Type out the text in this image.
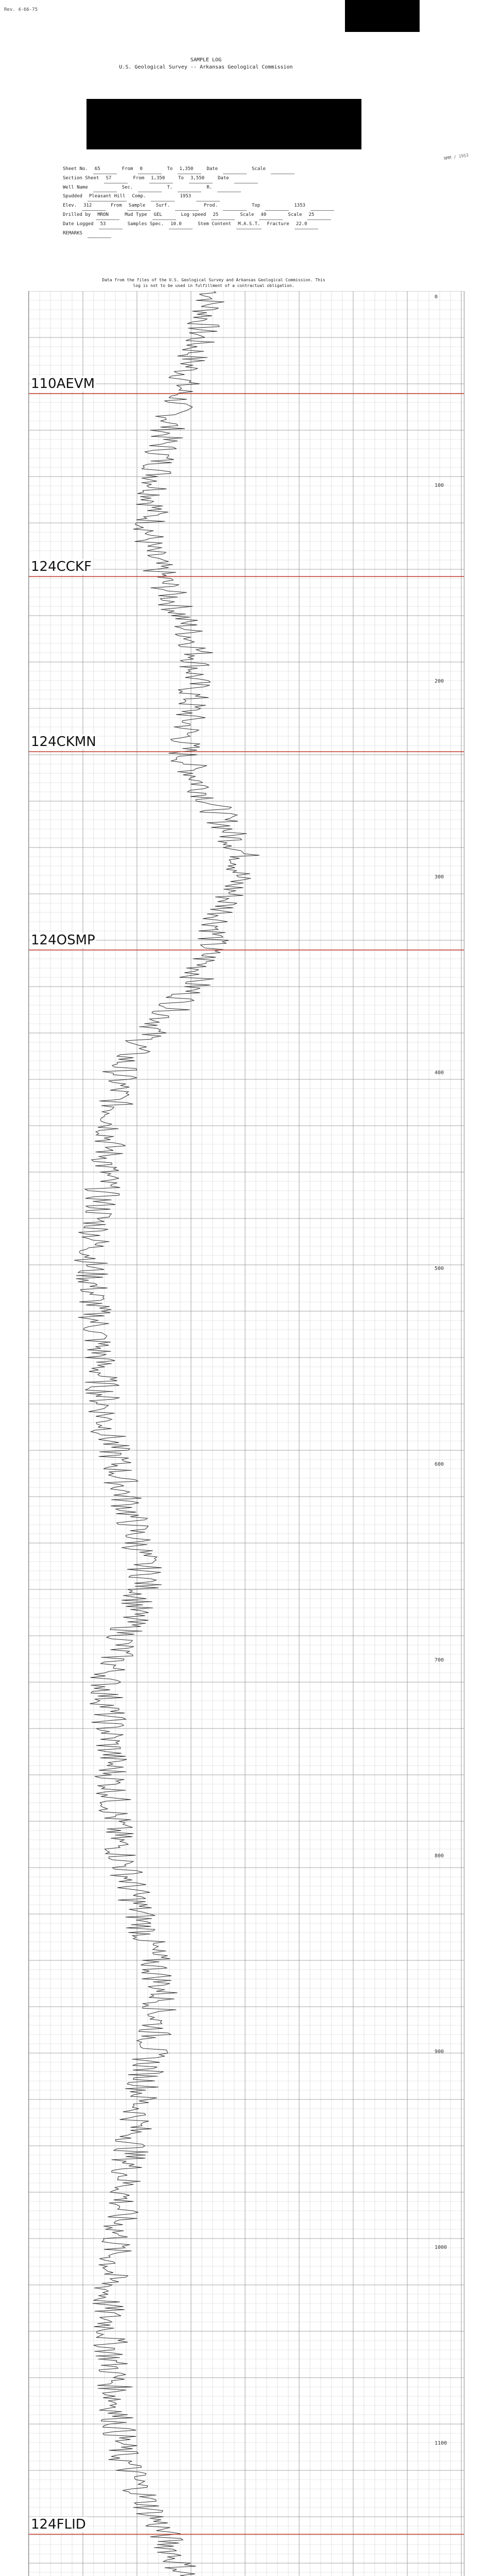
Rev. 4-66-75
SAMPLE LOG
U.S. Geological Survey -- Arkansas Geological Commission
NMM / 1953
Sheet No.	65	From	0	To	1,350	Date	Scale
Section Sheet	S7	From	1,350	To	3,550	Date
Well Name	Sec.	T.	R.
Spudded	Pleasant Hill	Comp.	1953
Elev.	312	From	Sample	Surf.	Prod.	Top	1353
Drilled by	MRON	Mud Type	GEL	Log speed	25	Scale	40	Scale	25
Date Logged	53	Samples Spec.	10.0	Stem Content	M.A.S.T.	Fracture	22.0
REMARKS
Data from the files of the U.S. Geological Survey and Arkansas Geological Commission. This log is not to be used in fulfillment of a contractual obligation.
0
110AEVM
124CCKF
124CKMN
124OSMP
124FLID
100
200
300
400
500
600
700
800
900
1000
1100
